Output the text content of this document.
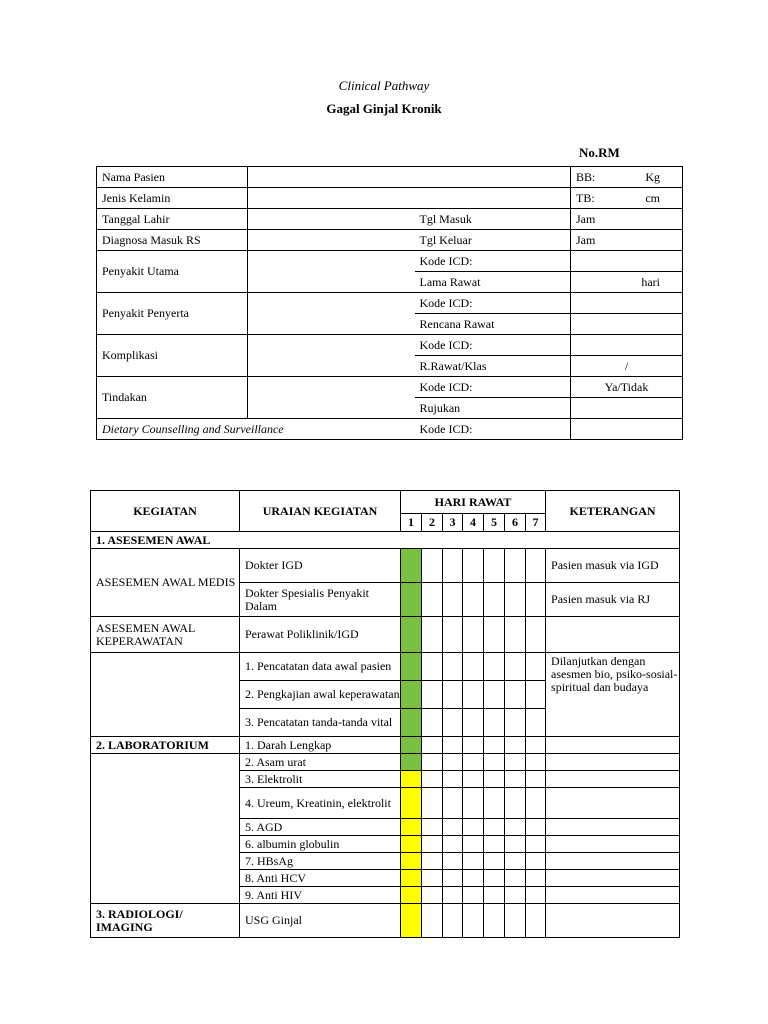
Clinical Pathway
Gagal Ginjal Kronik
No.RM
Nama Pasien			BB: Kg

Jenis Kelamin			TB: cm

Tanggal Lahir		Tgl Masuk	Jam
Diagnosa Masuk RS		Tgl Keluar	Jam
Penyakit Utama		Kode ICD:	
		Lama Rawat	hari

Penyakit Penyerta		Kode ICD:	
		Rencana Rawat	
Komplikasi		Kode ICD:	
		R.Rawat/Klas	/
Tindakan		Kode ICD:	Ya/Tidak
		Rujukan	
Dietary Counselling and Surveillance		Kode ICD:	
KEGIATAN	URAIAN KEGIATAN	HARI RAWAT							KETERANGAN
		1	2	3	4	5	6	7	
1. ASESEMEN AWAL									
ASESEMEN AWAL MEDIS	Dokter IGD								Pasien masuk via IGD
	Dokter Spesialis Penyakit Dalam								Pasien masuk via RJ
ASESEMEN AWAL KEPERAWATAN	Perawat Poliklinik/IGD								
	1. Pencatatan data awal pasien								Dilanjutkan dengan asesmen bio, psiko-sosial-spiritual dan budaya
	2. Pengkajian awal keperawatan								
	3. Pencatatan tanda-tanda vital								
2. LABORATORIUM	1. Darah Lengkap								
	2. Asam urat								
	3. Elektrolit								
	4. Ureum, Kreatinin, elektrolit								
	5. AGD								
	6. albumin globulin								
	7. HBsAg								
	8. Anti HCV								
	9. Anti HIV								
3. RADIOLOGI/ IMAGING	USG Ginjal								
